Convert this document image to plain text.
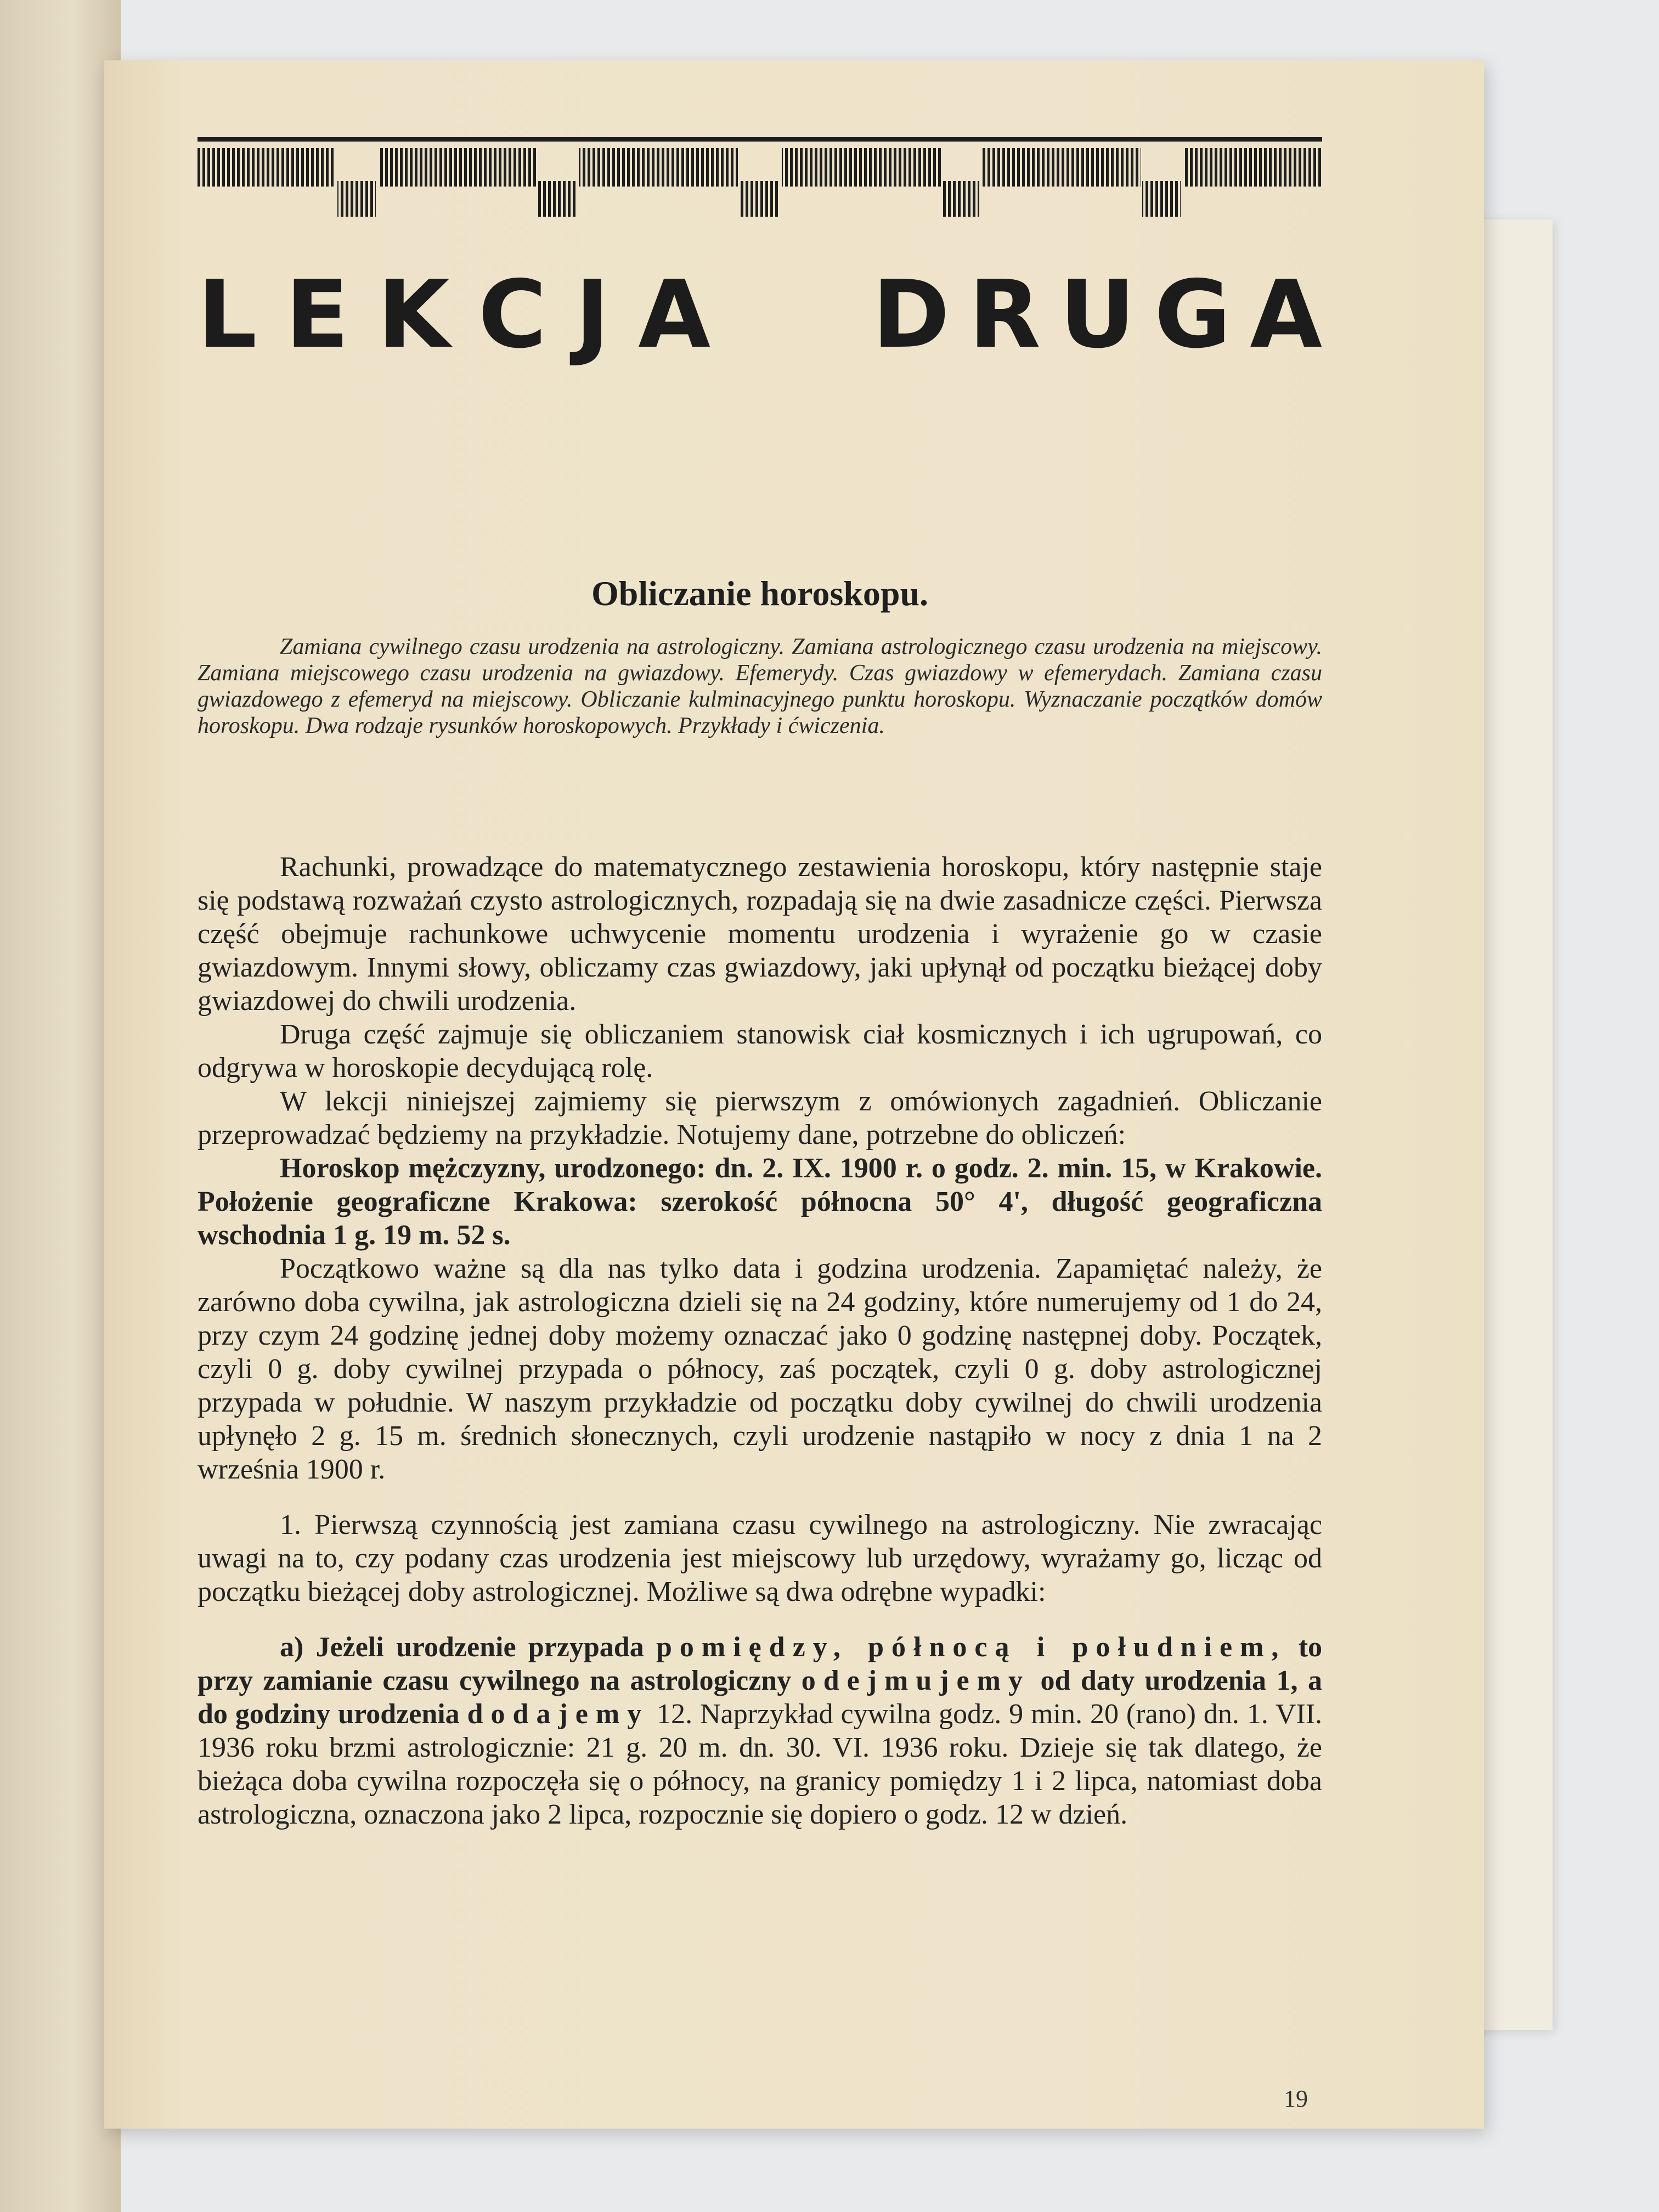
L E K C J A D R U G A
Obliczanie horoskopu.
Zamiana cywilnego czasu urodzenia na astrologiczny. Zamiana astrologicznego czasu urodzenia na miejscowy. Zamiana miejscowego czasu urodzenia na gwiazdowy. Efemerydy. Czas gwiazdowy w efemerydach. Zamiana czasu gwiazdowego z efemeryd na miejscowy. Obliczanie kulminacyjnego punktu horoskopu. Wyznaczanie początków domów horoskopu. Dwa rodzaje rysunków horoskopowych. Przykłady i ćwiczenia.

Rachunki, prowadzące do matematycznego zestawienia horoskopu, który następnie staje się podstawą rozważań czysto astrologicznych, rozpadają się na dwie zasadnicze części. Pierwsza część obejmuje rachunkowe uchwycenie momentu urodzenia i wyrażenie go w czasie gwiazdowym. Innymi słowy, obliczamy czas gwiazdowy, jaki upłynął od początku bieżącej doby gwiazdowej do chwili urodzenia.

Druga część zajmuje się obliczaniem stanowisk ciał kosmicznych i ich ugrupowań, co odgrywa w horoskopie decydującą rolę.

W lekcji niniejszej zajmiemy się pierwszym z omówionych zagadnień. Obliczanie przeprowadzać będziemy na przykładzie. Notujemy dane, potrzebne do obliczeń:

Horoskop mężczyzny, urodzonego: dn. 2. IX. 1900 r. o godz. 2. min. 15, w Krakowie. Położenie geograficzne Krakowa: szerokość północna 50° 4', długość geograficzna wschodnia 1 g. 19 m. 52 s.

Początkowo ważne są dla nas tylko data i godzina urodzenia. Zapamiętać należy, że zarówno doba cywilna, jak astrologiczna dzieli się na 24 godziny, które numerujemy od 1 do 24, przy czym 24 godzinę jednej doby możemy oznaczać jako 0 godzinę następnej doby. Początek, czyli 0 g. doby cywilnej przypada o północy, zaś początek, czyli 0 g. doby astrologicznej przypada w południe. W naszym przykładzie od początku doby cywilnej do chwili urodzenia upłynęło 2 g. 15 m. średnich słonecznych, czyli urodzenie nastąpiło w nocy z dnia 1 na 2 września 1900 r.

1. Pierwszą czynnością jest zamiana czasu cywilnego na astrologiczny. Nie zwracając uwagi na to, czy podany czas urodzenia jest miejscowy lub urzędowy, wyrażamy go, licząc od początku bieżącej doby astrologicznej. Możliwe są dwa odrębne wypadki:

a) Jeżeli urodzenie przypada pomiędzy, północą i południem, to przy zamianie czasu cywilnego na astrologiczny odejmujemy od daty urodzenia 1, a do godziny urodzenia dodajemy 12. Naprzykład cywilna godz. 9 min. 20 (rano) dn. 1. VII. 1936 roku brzmi astrologicznie: 21 g. 20 m. dn. 30. VI. 1936 roku. Dzieje się tak dlatego, że bieżąca doba cywilna rozpoczęła się o północy, na granicy pomiędzy 1 i 2 lipca, natomiast doba astrologiczna, oznaczona jako 2 lipca, rozpocznie się dopiero o godz. 12 w dzień.

19
